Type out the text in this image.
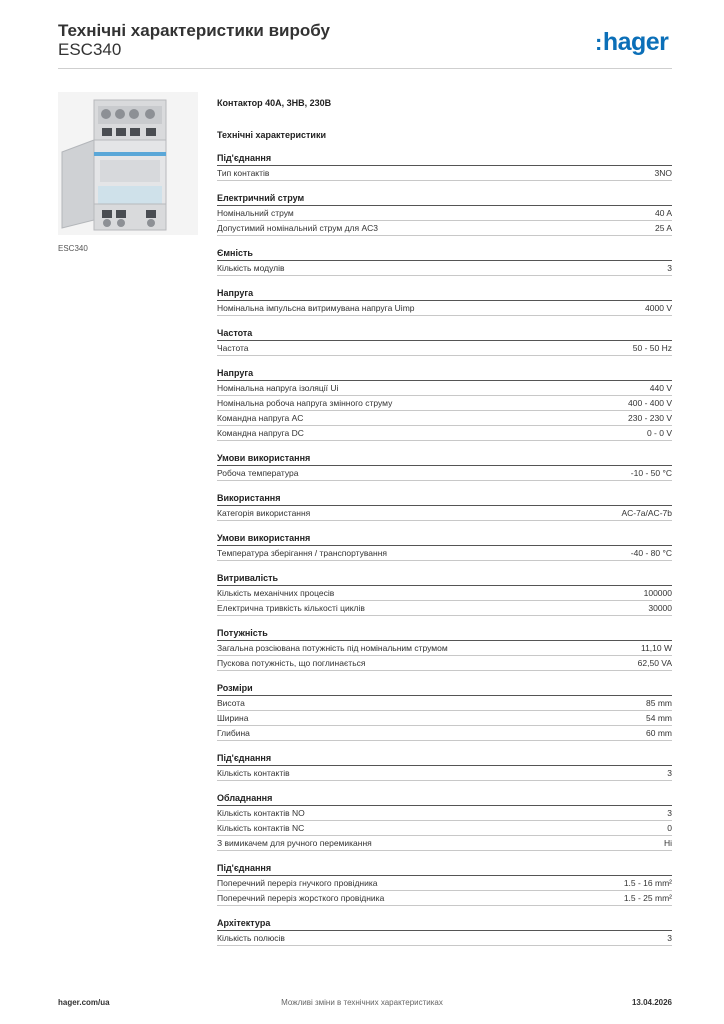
Технічні характеристики виробу
ESC340	:hager
ESC340
Контактор 40А, 3НВ, 230В
Технічні характеристики
Під'єднання
Тип контактів	3NO
Електричний струм
Номінальний струм	40 A
Допустимий номінальний струм для AC3	25 A
Ємність
Кількість модулів	3
Напруга
Номінальна імпульсна витримувана напруга Uimp	4000 V
Частота
Частота	50 - 50 Hz
Напруга
Номінальна напруга ізоляції Ui	440 V
Номінальна робоча напруга змінного струму	400 - 400 V
Командна напруга AC	230 - 230 V
Командна напруга DC	0 - 0 V
Умови використання
Робоча температура	-10 - 50 °C
Використання
Категорія використання	AC-7a/AC-7b
Умови використання
Температура зберігання / транспортування	-40 - 80 °C
Витривалість
Кількість механічних процесів	100000
Електрична тривкість кількості циклів	30000
Потужність
Загальна розсіювана потужність під номінальним струмом	11,10 W
Пускова потужність, що поглинається	62,50 VA
Розміри
Висота	85 mm
Ширина	54 mm
Глибина	60 mm
Під'єднання
Кількість контактів	3
Обладнання
Кількість контактів NO	3
Кількість контактів NC	0
З вимикачем для ручного перемикання	Ні
Під'єднання
Поперечний переріз гнучкого провідника	1.5 - 16 mm²
Поперечний переріз жорсткого провідника	1.5 - 25 mm²
Архітектура
Кількість полюсів	3
hager.com/ua	Можливі зміни в технічних характеристиках	13.04.2026
